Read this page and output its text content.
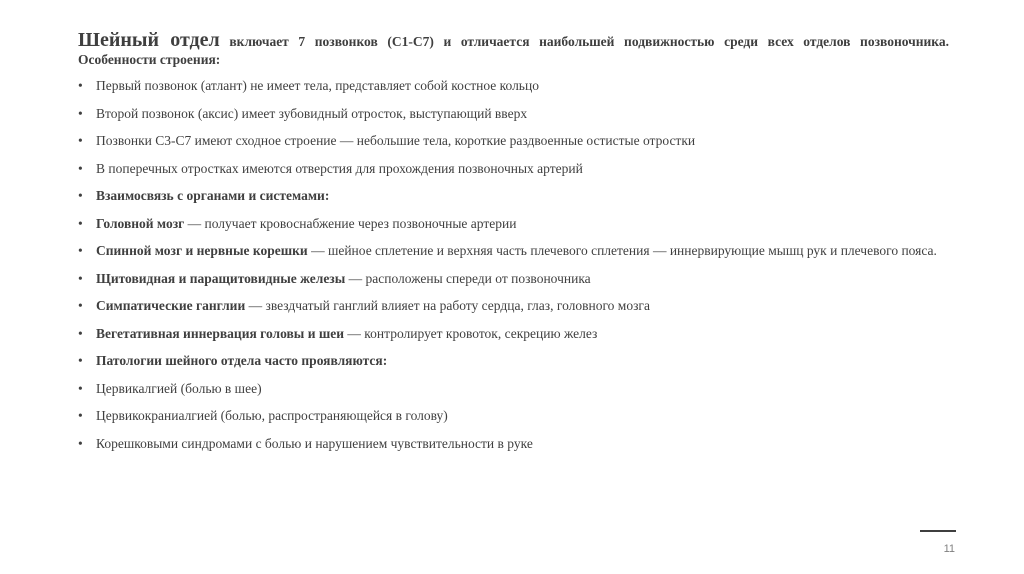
Шейный отдел включает 7 позвонков (С1-С7) и отличается наибольшей подвижностью среди всех отделов позвоночника.

Особенности строения:

• Первый позвонок (атлант) не имеет тела, представляет собой костное кольцо
• Второй позвонок (аксис) имеет зубовидный отросток, выступающий вверх
• Позвонки С3-С7 имеют сходное строение — небольшие тела, короткие раздвоенные остистые отростки
• В поперечных отростках имеются отверстия для прохождения позвоночных артерий
• Взаимосвязь с органами и системами:
• Головной мозг — получает кровоснабжение через позвоночные артерии
• Спинной мозг и нервные корешки — шейное сплетение и верхняя часть плечевого сплетения — иннервирующие мышц рук и плечевого пояса.
• Щитовидная и паращитовидные железы — расположены спереди от позвоночника
• Симпатические ганглии — звездчатый ганглий влияет на работу сердца, глаз, головного мозга
• Вегетативная иннервация головы и шеи — контролирует кровоток, секрецию желез
• Патологии шейного отдела часто проявляются:
• Цервикалгией (болью в шее)
• Цервикокраниалгией (болью, распространяющейся в голову)
• Корешковыми синдромами с болью и нарушением чувствительности в руке
11
